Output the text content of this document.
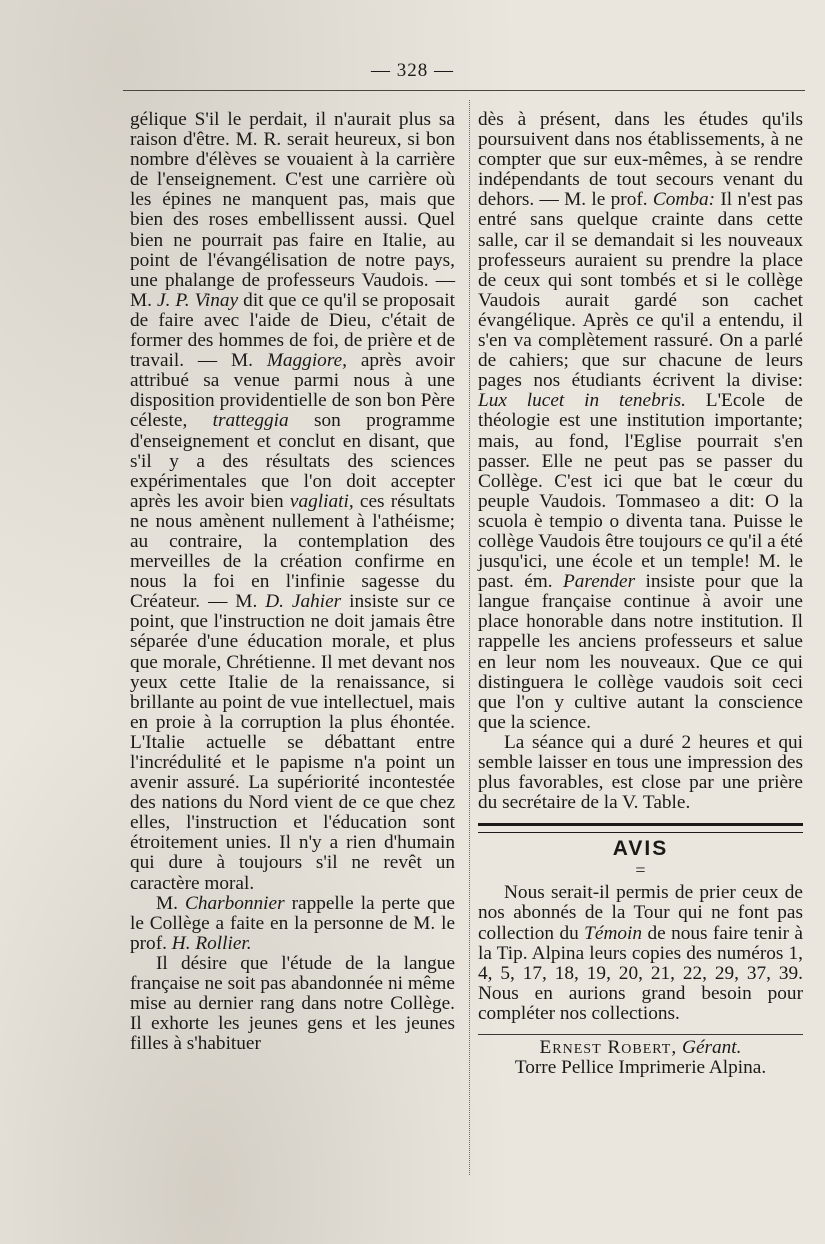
— 328 —

gélique S'il le perdait, il n'aurait plus sa raison d'être. M. R. serait heureux, si bon nombre d'élèves se vouaient à la carrière de l'enseignement. C'est une carrière où les épines ne manquent pas, mais que bien des roses embellissent aussi. Quel bien ne pourrait pas faire en Italie, au point de l'évangélisation de notre pays, une phalange de professeurs Vaudois. — M. J. P. Vinay dit que ce qu'il se proposait de faire avec l'aide de Dieu, c'était de former des hommes de foi, de prière et de travail. — M. Maggiore, après avoir attribué sa venue parmi nous à une disposition providentielle de son bon Père céleste, tratteggia son programme d'enseignement et conclut en disant, que s'il y a des résultats des sciences expérimentales que l'on doit accepter après les avoir bien vagliati, ces résultats ne nous amènent nullement à l'athéisme; au contraire, la contemplation des merveilles de la création confirme en nous la foi en l'infinie sagesse du Créateur. — M. D. Jahier insiste sur ce point, que l'instruction ne doit jamais être séparée d'une éducation morale, et plus que morale, Chrétienne. Il met devant nos yeux cette Italie de la renaissance, si brillante au point de vue intellectuel, mais en proie à la corruption la plus éhontée. L'Italie actuelle se débattant entre l'incrédulité et le papisme n'a point un avenir assuré. La supériorité incontestée des nations du Nord vient de ce que chez elles, l'instruction et l'éducation sont étroitement unies. Il n'y a rien d'humain qui dure à toujours s'il ne revêt un caractère moral.

M. Charbonnier rappelle la perte que le Collège a faite en la personne de M. le prof. H. Rollier.

Il désire que l'étude de la langue française ne soit pas abandonnée ni même mise au dernier rang dans notre Collège. Il exhorte les jeunes gens et les jeunes filles à s'habituer

dès à présent, dans les études qu'ils poursuivent dans nos établissements, à ne compter que sur eux-mêmes, à se rendre indépendants de tout secours venant du dehors. — M. le prof. Comba: Il n'est pas entré sans quelque crainte dans cette salle, car il se demandait si les nouveaux professeurs auraient su prendre la place de ceux qui sont tombés et si le collège Vaudois aurait gardé son cachet évangélique. Après ce qu'il a entendu, il s'en va complètement rassuré. On a parlé de cahiers; que sur chacune de leurs pages nos étudiants écrivent la divise: Lux lucet in tenebris. L'Ecole de théologie est une institution importante; mais, au fond, l'Eglise pourrait s'en passer. Elle ne peut pas se passer du Collège. C'est ici que bat le cœur du peuple Vaudois. Tommaseo a dit: O la scuola è tempio o diventa tana. Puisse le collège Vaudois être toujours ce qu'il a été jusqu'ici, une école et un temple! M. le past. ém. Parender insiste pour que la langue française continue à avoir une place honorable dans notre institution. Il rappelle les anciens professeurs et salue en leur nom les nouveaux. Que ce qui distinguera le collège vaudois soit ceci que l'on y cultive autant la conscience que la science.

La séance qui a duré 2 heures et qui semble laisser en tous une impression des plus favorables, est close par une prière du secrétaire de la V. Table.

AVIS
=

Nous serait-il permis de prier ceux de nos abonnés de la Tour qui ne font pas collection du Témoin de nous faire tenir à la Tip. Alpina leurs copies des numéros 1, 4, 5, 17, 18, 19, 20, 21, 22, 29, 37, 39. Nous en aurions grand besoin pour compléter nos collections.

Ernest Robert, Gérant.

Torre Pellice Imprimerie Alpina.
